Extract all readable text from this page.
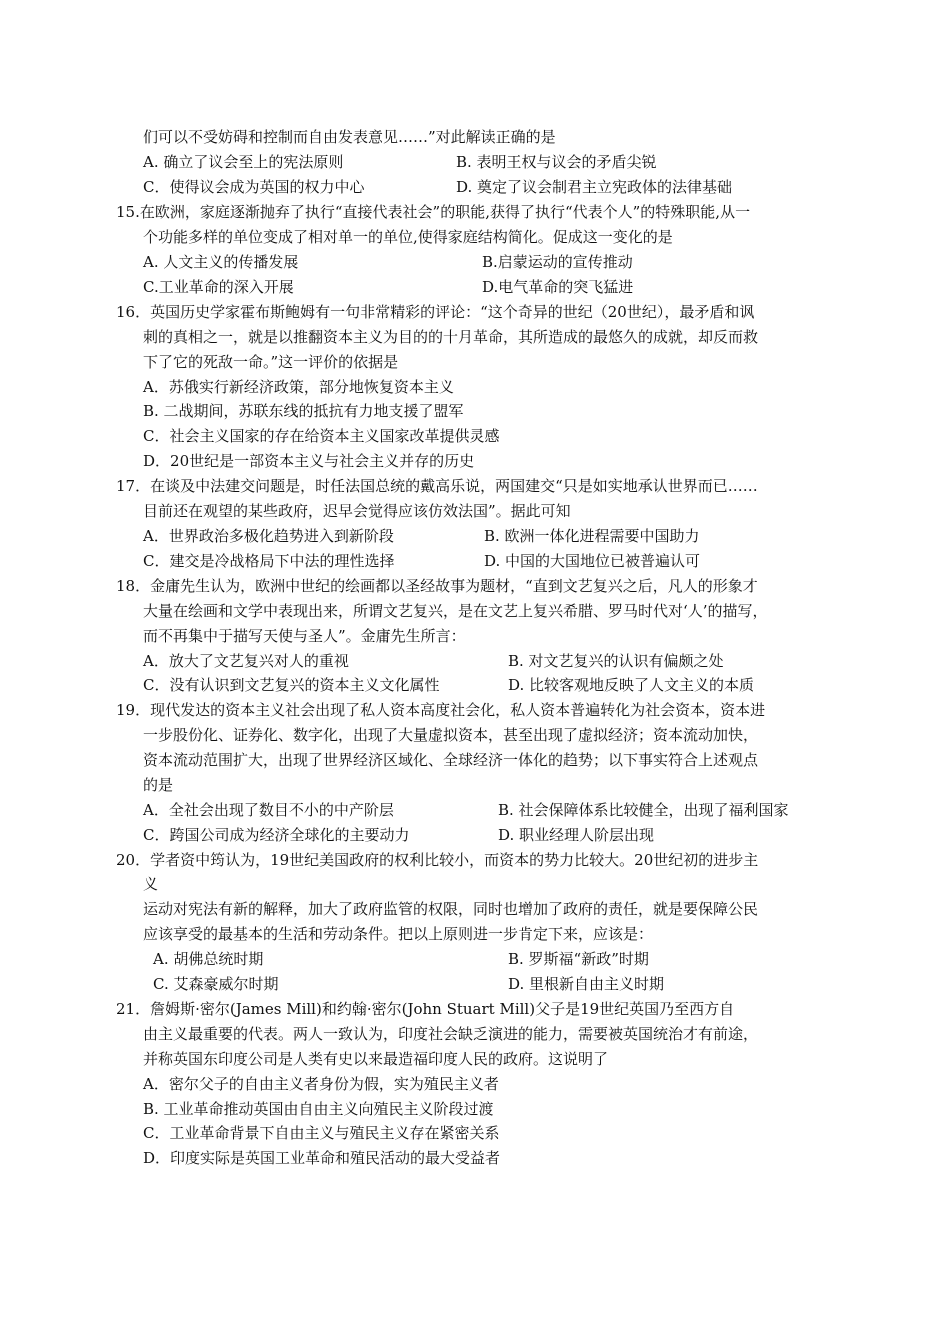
们可以不受妨碍和控制而自由发表意见……”对此解读正确的是
A. 确立了议会至上的宪法原则	B. 表明王权与议会的矛盾尖锐
C．使得议会成为英国的权力中心	D. 奠定了议会制君主立宪政体的法律基础
15.在欧洲，家庭逐渐抛弃了执行“直接代表社会”的职能,获得了执行“代表个人”的特殊职能,从一
个功能多样的单位变成了相对单一的单位,使得家庭结构简化。促成这一变化的是
A. 人文主义的传播发展	B.启蒙运动的宣传推动
C.工业革命的深入开展	D.电气革命的突飞猛进
16．英国历史学家霍布斯鲍姆有一句非常精彩的评论：“这个奇异的世纪（20世纪），最矛盾和讽
刺的真相之一，就是以推翻资本主义为目的的十月革命，其所造成的最悠久的成就，却反而救
下了它的死敌一命。”这一评价的依据是
A．苏俄实行新经济政策，部分地恢复资本主义
B. 二战期间，苏联东线的抵抗有力地支援了盟军
C．社会主义国家的存在给资本主义国家改革提供灵感
D．20世纪是一部资本主义与社会主义并存的历史
17．在谈及中法建交问题是，时任法国总统的戴高乐说，两国建交“只是如实地承认世界而已……
目前还在观望的某些政府，迟早会觉得应该仿效法国”。据此可知
A．世界政治多极化趋势进入到新阶段	B. 欧洲一体化进程需要中国助力
C．建交是冷战格局下中法的理性选择	D. 中国的大国地位已被普遍认可
18．金庸先生认为，欧洲中世纪的绘画都以圣经故事为题材，“直到文艺复兴之后，凡人的形象才
大量在绘画和文学中表现出来，所谓文艺复兴，是在文艺上复兴希腊、罗马时代对‘人’的描写，
而不再集中于描写天使与圣人”。金庸先生所言：
A．放大了文艺复兴对人的重视	B. 对文艺复兴的认识有偏颇之处
C．没有认识到文艺复兴的资本主义文化属性	D. 比较客观地反映了人文主义的本质
19．现代发达的资本主义社会出现了私人资本高度社会化，私人资本普遍转化为社会资本，资本进
一步股份化、证券化、数字化，出现了大量虚拟资本，甚至出现了虚拟经济；资本流动加快，
资本流动范围扩大，出现了世界经济区域化、全球经济一体化的趋势；以下事实符合上述观点
的是
A．全社会出现了数目不小的中产阶层	B. 社会保障体系比较健全，出现了福利国家
C．跨国公司成为经济全球化的主要动力	D. 职业经理人阶层出现
20．学者资中筠认为，19世纪美国政府的权利比较小，而资本的势力比较大。20世纪初的进步主
义
运动对宪法有新的解释，加大了政府监管的权限，同时也增加了政府的责任，就是要保障公民
应该享受的最基本的生活和劳动条件。把以上原则进一步肯定下来，应该是：
A. 胡佛总统时期	B. 罗斯福“新政”时期
C. 艾森豪威尔时期	D. 里根新自由主义时期
21．詹姆斯·密尔(James Mill)和约翰·密尔(John Stuart Mill)父子是19世纪英国乃至西方自
由主义最重要的代表。两人一致认为，印度社会缺乏演进的能力，需要被英国统治才有前途，
并称英国东印度公司是人类有史以来最造福印度人民的政府。这说明了
A．密尔父子的自由主义者身份为假，实为殖民主义者
B. 工业革命推动英国由自由主义向殖民主义阶段过渡
C．工业革命背景下自由主义与殖民主义存在紧密关系
D．印度实际是英国工业革命和殖民活动的最大受益者
